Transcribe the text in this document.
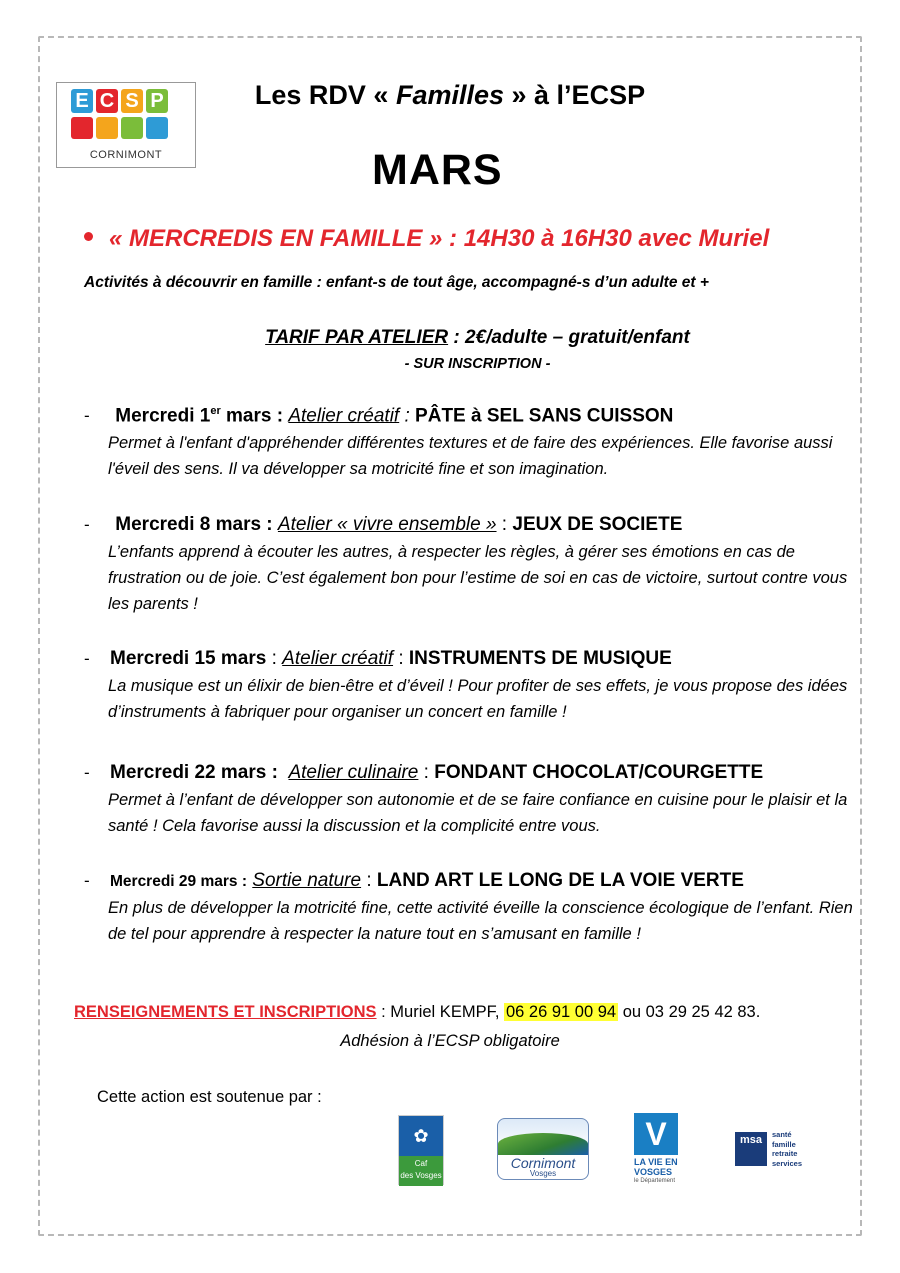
E C S P
CORNIMONT
Les RDV « Familles » à l’ECSP
MARS
« MERCREDIS EN FAMILLE » : 14H30 à 16H30 avec Muriel
Activités à découvrir en famille : enfant-s de tout âge, accompagné-s d’un adulte et +
TARIF PAR ATELIER : 2€/adulte – gratuit/enfant
- SUR INSCRIPTION -
- Mercredi 1er mars : Atelier créatif : PÂTE à SEL SANS CUISSON
Permet à l'enfant d'appréhender différentes textures et de faire des expériences. Elle favorise aussi l'éveil des sens. Il va développer sa motricité fine et son imagination.
- Mercredi 8 mars : Atelier « vivre ensemble » : JEUX DE SOCIETE
L’enfants apprend à écouter les autres, à respecter les règles, à gérer ses émotions en cas de frustration ou de joie. C’est également bon pour l’estime de soi en cas de victoire, surtout contre vous les parents !
- Mercredi 15 mars : Atelier créatif : INSTRUMENTS DE MUSIQUE
La musique est un élixir de bien-être et d’éveil ! Pour profiter de ses effets, je vous propose des idées d’instruments à fabriquer pour organiser un concert en famille !
- Mercredi 22 mars : Atelier culinaire : FONDANT CHOCOLAT/COURGETTE
Permet à l’enfant de développer son autonomie et de se faire confiance en cuisine pour le plaisir et la santé ! Cela favorise aussi la discussion et la complicité entre vous.
- Mercredi 29 mars : Sortie nature : LAND ART LE LONG DE LA VOIE VERTE
En plus de développer la motricité fine, cette activité éveille la conscience écologique de l’enfant. Rien de tel pour apprendre à respecter la nature tout en s’amusant en famille !
RENSEIGNEMENTS ET INSCRIPTIONS : Muriel KEMPF, 06 26 91 00 94 ou 03 29 25 42 83.
Adhésion à l’ECSP obligatoire
Cette action est soutenue par :
✿
Caf
des Vosges
Cornimont
Vosges
V
LA VIE EN VOSGES
le Département
msa	santé
famille
retraite
services
